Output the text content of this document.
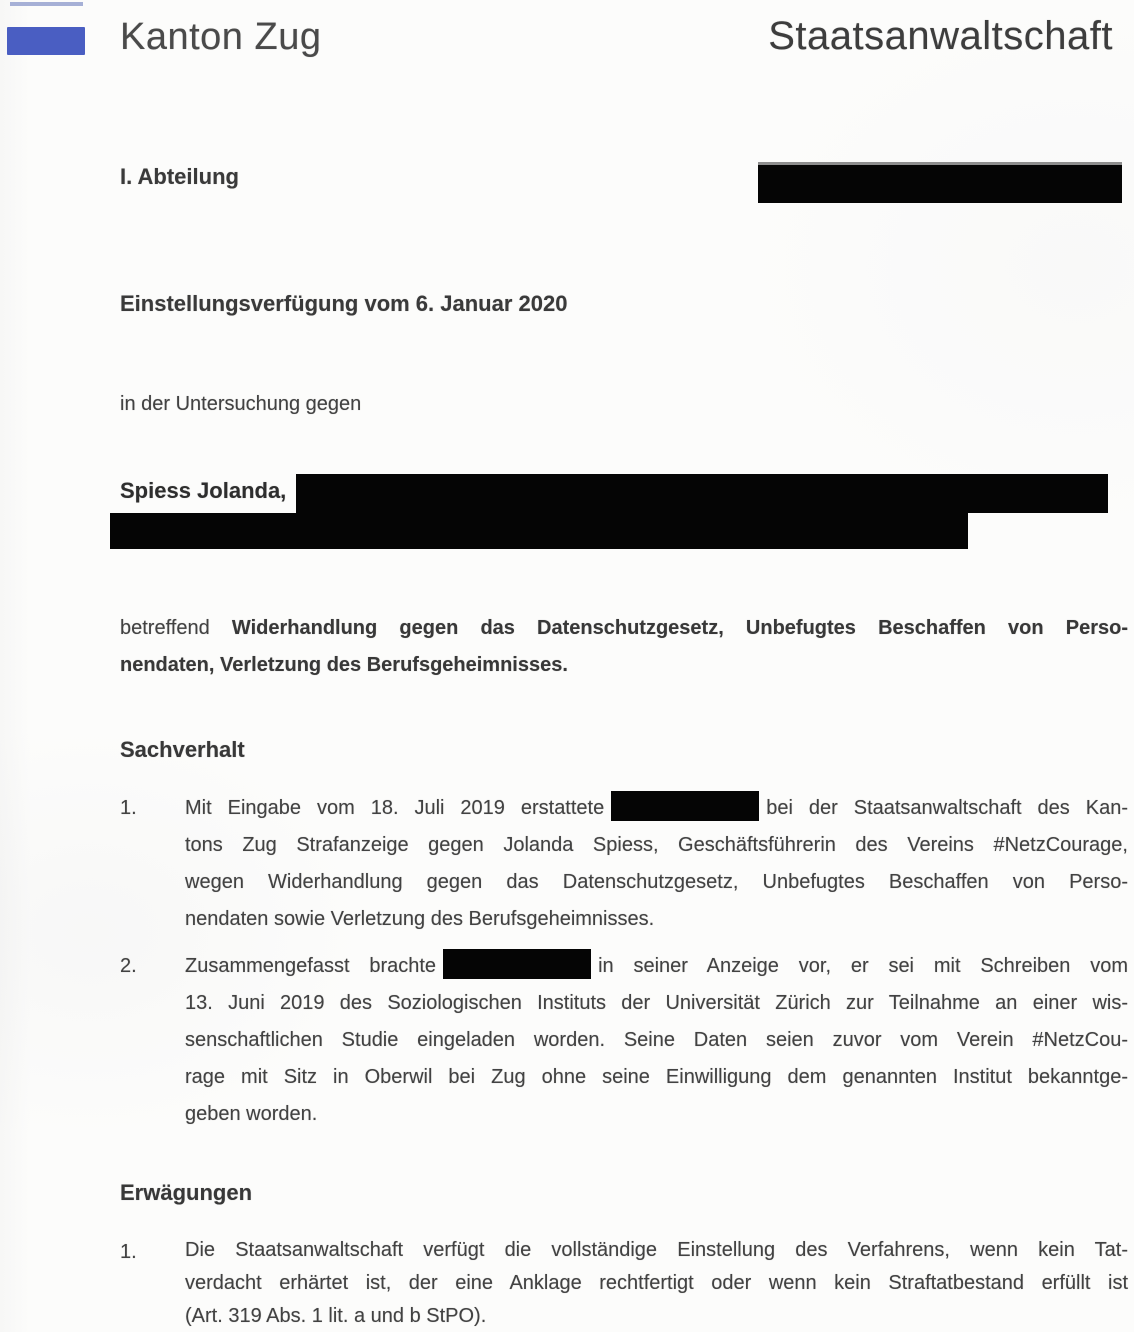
Kanton Zug	Staatsanwaltschaft
I. Abteilung
Einstellungsverfügung vom 6. Januar 2020
in der Untersuchung gegen
Spiess Jolanda,
betreffend Widerhandlung gegen das Datenschutzgesetz, Unbefugtes Beschaffen von Perso-
nendaten, Verletzung des Berufsgeheimnisses.
Sachverhalt
1.	Mit Eingabe vom 18. Juli 2019 erstattete	bei der Staatsanwaltschaft des Kan-
tons Zug Strafanzeige gegen Jolanda Spiess, Geschäftsführerin des Vereins #NetzCourage,
wegen Widerhandlung gegen das Datenschutzgesetz, Unbefugtes Beschaffen von Perso-
nendaten sowie Verletzung des Berufsgeheimnisses.
2.	Zusammengefasst brachte	in seiner Anzeige vor, er sei mit Schreiben vom
13. Juni 2019 des Soziologischen Instituts der Universität Zürich zur Teilnahme an einer wis-
senschaftlichen Studie eingeladen worden. Seine Daten seien zuvor vom Verein #NetzCou-
rage mit Sitz in Oberwil bei Zug ohne seine Einwilligung dem genannten Institut bekanntge-
geben worden.
Erwägungen
1.	Die Staatsanwaltschaft verfügt die vollständige Einstellung des Verfahrens, wenn kein Tat-
verdacht erhärtet ist, der eine Anklage rechtfertigt oder wenn kein Straftatbestand erfüllt ist
(Art. 319 Abs. 1 lit. a und b StPO).
